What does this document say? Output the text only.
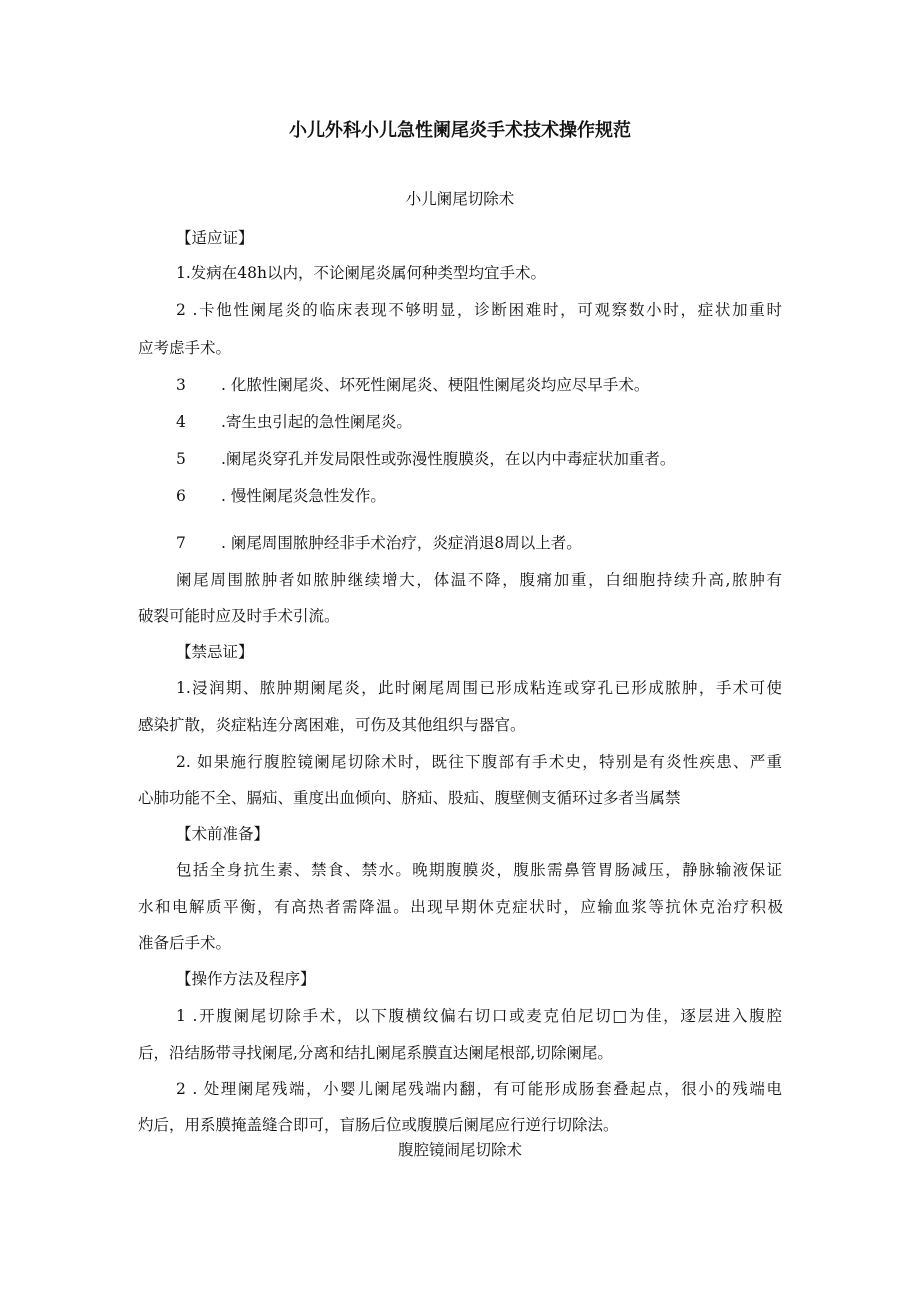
小儿外科小儿急性阑尾炎手术技术操作规范
小儿阑尾切除术
【适应证】
1.发病在48h以内，不论阑尾炎属何种类型均宜手术。
2 .卡他性阑尾炎的临床表现不够明显，诊断困难时，可观察数小时，症状加重时
应考虑手术。
3	. 化脓性阑尾炎、坏死性阑尾炎、梗阻性阑尾炎均应尽早手术。
4	.寄生虫引起的急性阑尾炎。
5	.阑尾炎穿孔并发局限性或弥漫性腹膜炎，在以内中毒症状加重者。
6	. 慢性阑尾炎急性发作。
7	. 阑尾周围脓肿经非手术治疗，炎症消退8周以上者。
阑尾周围脓肿者如脓肿继续增大，体温不降，腹痛加重，白细胞持续升高,脓肿有
破裂可能时应及时手术引流。
【禁忌证】
1.浸润期、脓肿期阑尾炎，此时阑尾周围已形成粘连或穿孔已形成脓肿，手术可使
感染扩散，炎症粘连分离困难，可伤及其他组织与器官。
2. 如果施行腹腔镜阑尾切除术时，既往下腹部有手术史，特别是有炎性疾患、严重
心肺功能不全、膈疝、重度出血倾向、脐疝、股疝、腹壁侧支循环过多者当属禁
【术前准备】
包括全身抗生素、禁食、禁水。晚期腹膜炎，腹胀需鼻管胃肠减压，静脉输液保证
水和电解质平衡，有高热者需降温。出现早期休克症状时，应输血浆等抗休克治疗积极
准备后手术。
【操作方法及程序】
1 .开腹阑尾切除手术，以下腹横纹偏右切口或麦克伯尼切□为佳，逐层进入腹腔
后，沿结肠带寻找阑尾,分离和结扎阑尾系膜直达阑尾根部,切除阑尾。
2 . 处理阑尾残端，小婴儿阑尾残端内翻，有可能形成肠套叠起点，很小的残端电
灼后，用系膜掩盖缝合即可，盲肠后位或腹膜后阑尾应行逆行切除法。
腹腔镜闹尾切除术
